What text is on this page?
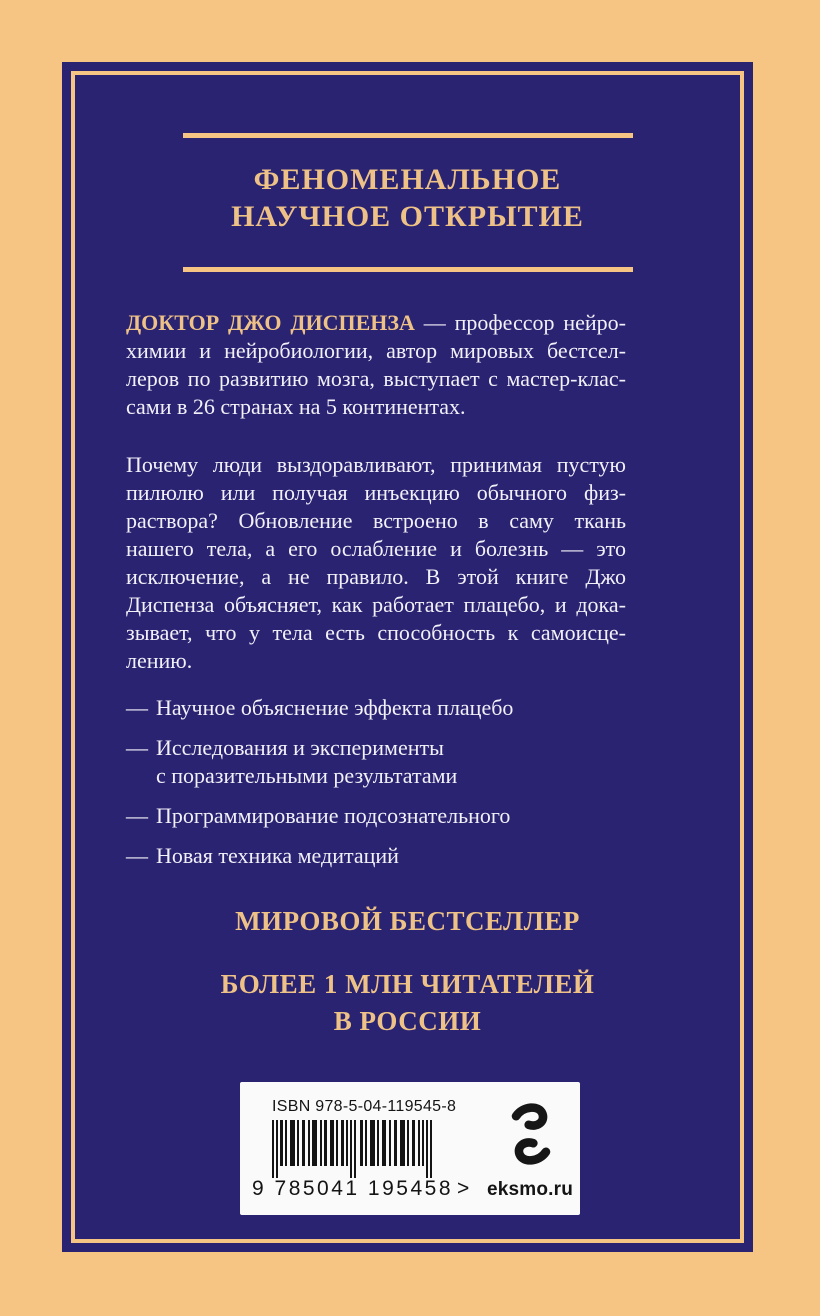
ФЕНОМЕНАЛЬНОЕ
НАУЧНОЕ ОТКРЫТИЕ
ДОКТОР ДЖО ДИСПЕНЗА — профессор нейро-
химии и нейробиологии, автор мировых бестсел-
леров по развитию мозга, выступает с мастер-клас-
сами в 26 странах на 5 континентах.
Почему люди выздоравливают, принимая пустую
пилюлю или получая инъекцию обычного физ-
раствора? Обновление встроено в саму ткань
нашего тела, а его ослабление и болезнь — это
исключение, а не правило. В этой книге Джо
Диспенза объясняет, как работает плацебо, и дока-
зывает, что у тела есть способность к самоисце-
лению.
— Научное объяснение эффекта плацебо
— Исследования и эксперименты
с поразительными результатами
— Программирование подсознательного
— Новая техника медитаций
МИРОВОЙ БЕСТСЕЛЛЕР
БОЛЕЕ 1 МЛН ЧИТАТЕЛЕЙ
В РОССИИ
ISBN 978-5-04-119545-8
9 785041 195458 > eksmo.ru
